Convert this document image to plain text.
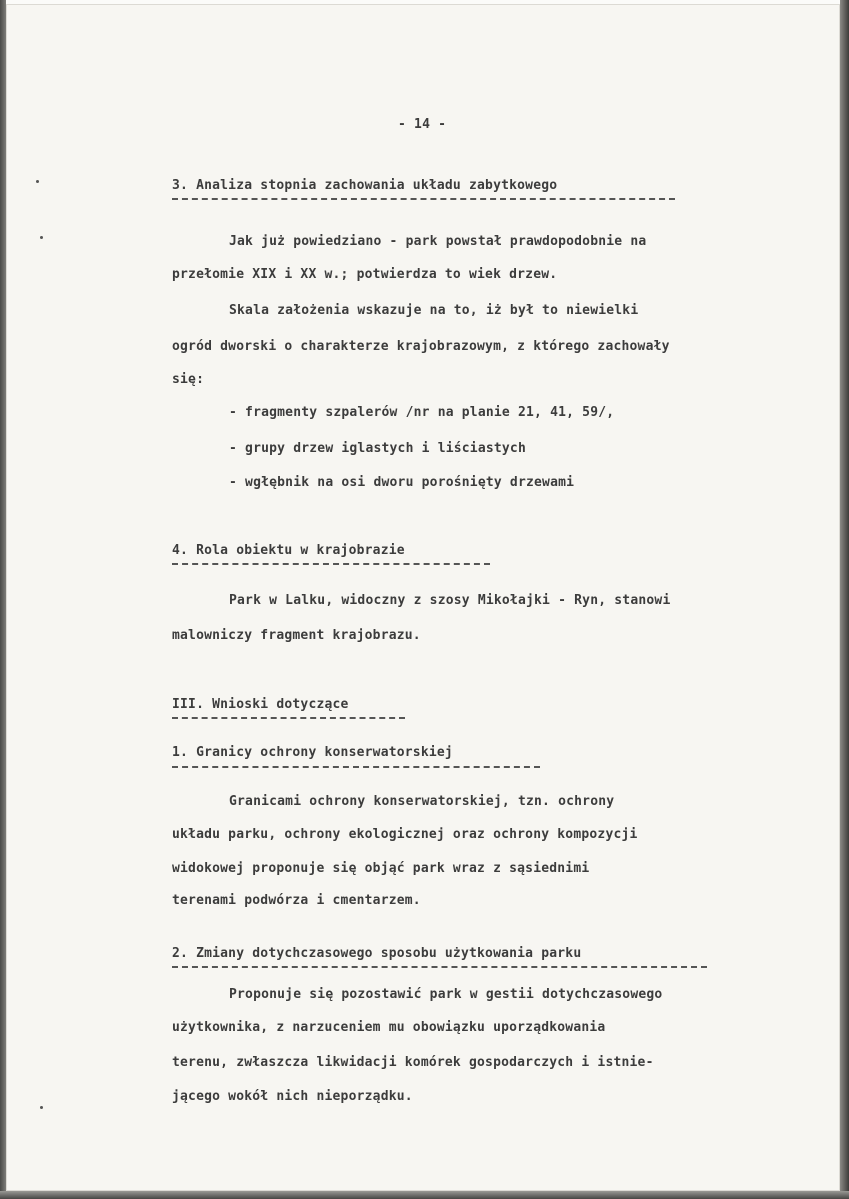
- 14 -
3. Analiza stopnia zachowania układu zabytkowego
Jak już powiedziano - park powstał prawdopodobnie na
przełomie XIX i XX w.; potwierdza to wiek drzew.
Skala założenia wskazuje na to, iż był to niewielki
ogród dworski o charakterze krajobrazowym, z którego zachowały
się:
- fragmenty szpalerów /nr na planie 21, 41, 59/,
- grupy drzew iglastych i liściastych
- wgłębnik na osi dworu porośnięty drzewami
4. Rola obiektu w krajobrazie
Park w Lalku, widoczny z szosy Mikołajki - Ryn, stanowi
malowniczy fragment krajobrazu.
III. Wnioski dotyczące
1. Granicy ochrony konserwatorskiej
Granicami ochrony konserwatorskiej, tzn. ochrony
układu parku, ochrony ekologicznej oraz ochrony kompozycji
widokowej proponuje się objąć park wraz z sąsiednimi
terenami podwórza i cmentarzem.
2. Zmiany dotychczasowego sposobu użytkowania parku
Proponuje się pozostawić park w gestii dotychczasowego
użytkownika, z narzuceniem mu obowiązku uporządkowania
terenu, zwłaszcza likwidacji komórek gospodarczych i istnie-
jącego wokół nich nieporządku.
